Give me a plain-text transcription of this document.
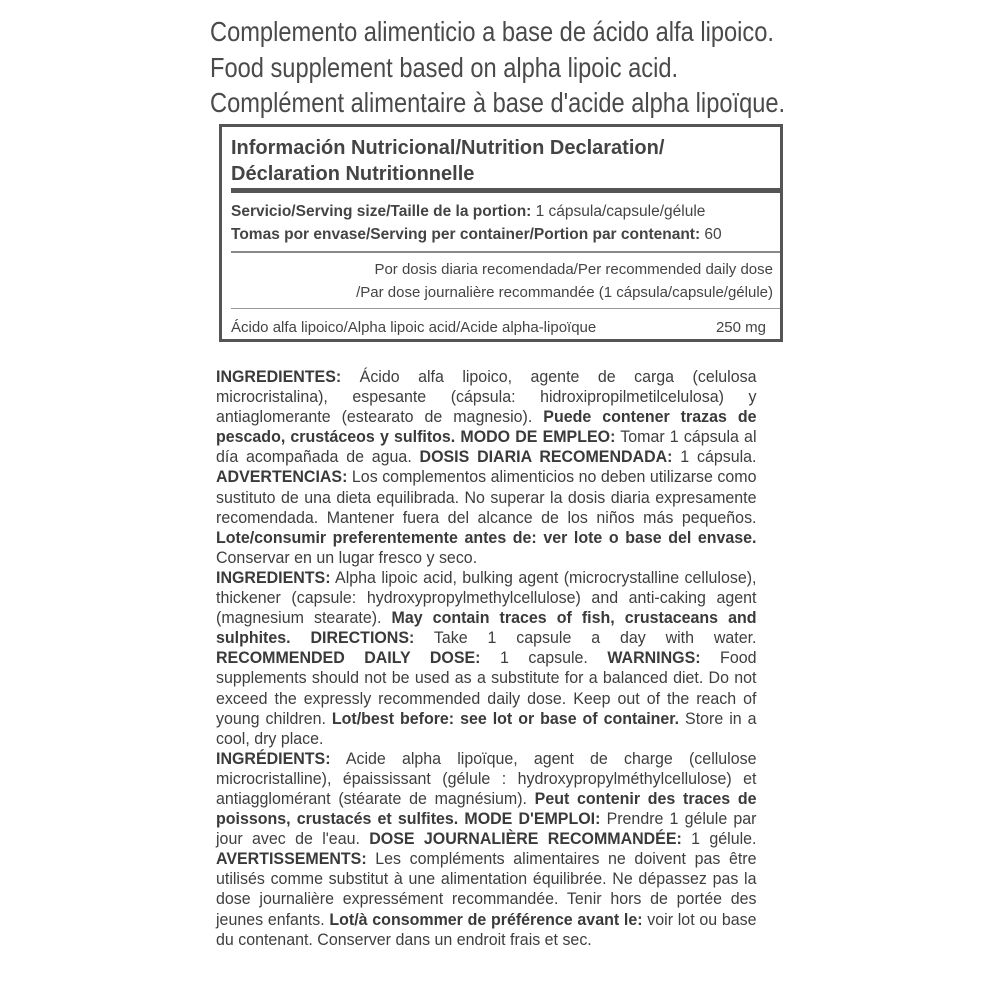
Complemento alimenticio a base de ácido alfa lipoico.
Food supplement based on alpha lipoic acid.
Complément alimentaire à base d'acide alpha lipoïque.
Información Nutricional/Nutrition Declaration/
Déclaration Nutritionnelle
Servicio/Serving size/Taille de la portion: 1 cápsula/capsule/gélule
Tomas por envase/Serving per container/Portion par contenant: 60
Por dosis diaria recomendada/Per recommended daily dose
/Par dose journalière recommandée (1 cápsula/capsule/gélule)
Ácido alfa lipoico/Alpha lipoic acid/Acide alpha-lipoïque	250 mg
INGREDIENTES: Ácido alfa lipoico, agente de carga (celulosa microcristalina), espesante (cápsula: hidroxipropilmetilcelulosa) y antiaglomerante (estearato de magnesio). Puede contener trazas de pescado, crustáceos y sulfitos. MODO DE EMPLEO: Tomar 1 cápsula al día acompañada de agua. DOSIS DIARIA RECOMENDADA: 1 cápsula. ADVERTENCIAS: Los complementos alimenticios no deben utilizarse como sustituto de una dieta equilibrada. No superar la dosis diaria expresamente recomendada. Mantener fuera del alcance de los niños más pequeños. Lote/consumir preferentemente antes de: ver lote o base del envase. Conservar en un lugar fresco y seco.
INGREDIENTS: Alpha lipoic acid, bulking agent (microcrystalline cellulose), thickener (capsule: hydroxypropylmethylcellulose) and anti-caking agent (magnesium stearate). May contain traces of fish, crustaceans and sulphites. DIRECTIONS: Take 1 capsule a day with water. RECOMMENDED DAILY DOSE: 1 capsule. WARNINGS: Food supplements should not be used as a substitute for a balanced diet. Do not exceed the expressly recommended daily dose. Keep out of the reach of young children. Lot/best before: see lot or base of container. Store in a cool, dry place.
INGRÉDIENTS: Acide alpha lipoïque, agent de charge (cellulose microcristalline), épaississant (gélule : hydroxypropylméthylcellulose) et antiagglomérant (stéarate de magnésium). Peut contenir des traces de poissons, crustacés et sulfites. MODE D'EMPLOI: Prendre 1 gélule par jour avec de l'eau. DOSE JOURNALIÈRE RECOMMANDÉE: 1 gélule. AVERTISSEMENTS: Les compléments alimentaires ne doivent pas être utilisés comme substitut à une alimentation équilibrée. Ne dépassez pas la dose journalière expressément recommandée. Tenir hors de portée des jeunes enfants. Lot/à consommer de préférence avant le: voir lot ou base du contenant. Conserver dans un endroit frais et sec.
